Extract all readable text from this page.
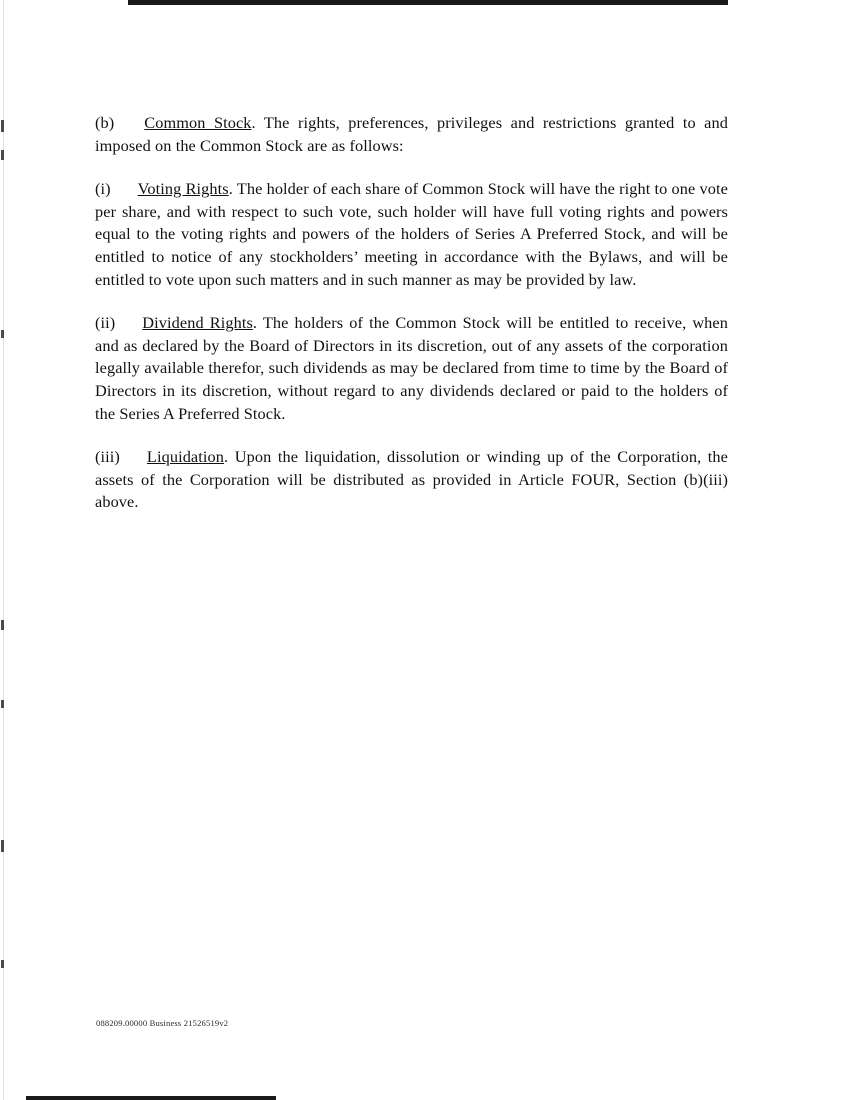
(b) Common Stock. The rights, preferences, privileges and restrictions granted to and imposed on the Common Stock are as follows:

(i) Voting Rights. The holder of each share of Common Stock will have the right to one vote per share, and with respect to such vote, such holder will have full voting rights and powers equal to the voting rights and powers of the holders of Series A Preferred Stock, and will be entitled to notice of any stockholders’ meeting in accordance with the Bylaws, and will be entitled to vote upon such matters and in such manner as may be provided by law.

(ii) Dividend Rights. The holders of the Common Stock will be entitled to receive, when and as declared by the Board of Directors in its discretion, out of any assets of the corporation legally available therefor, such dividends as may be declared from time to time by the Board of Directors in its discretion, without regard to any dividends declared or paid to the holders of the Series A Preferred Stock.

(iii) Liquidation. Upon the liquidation, dissolution or winding up of the Corporation, the assets of the Corporation will be distributed as provided in Article FOUR, Section (b)(iii) above.

088209.00000 Business 21526519v2
